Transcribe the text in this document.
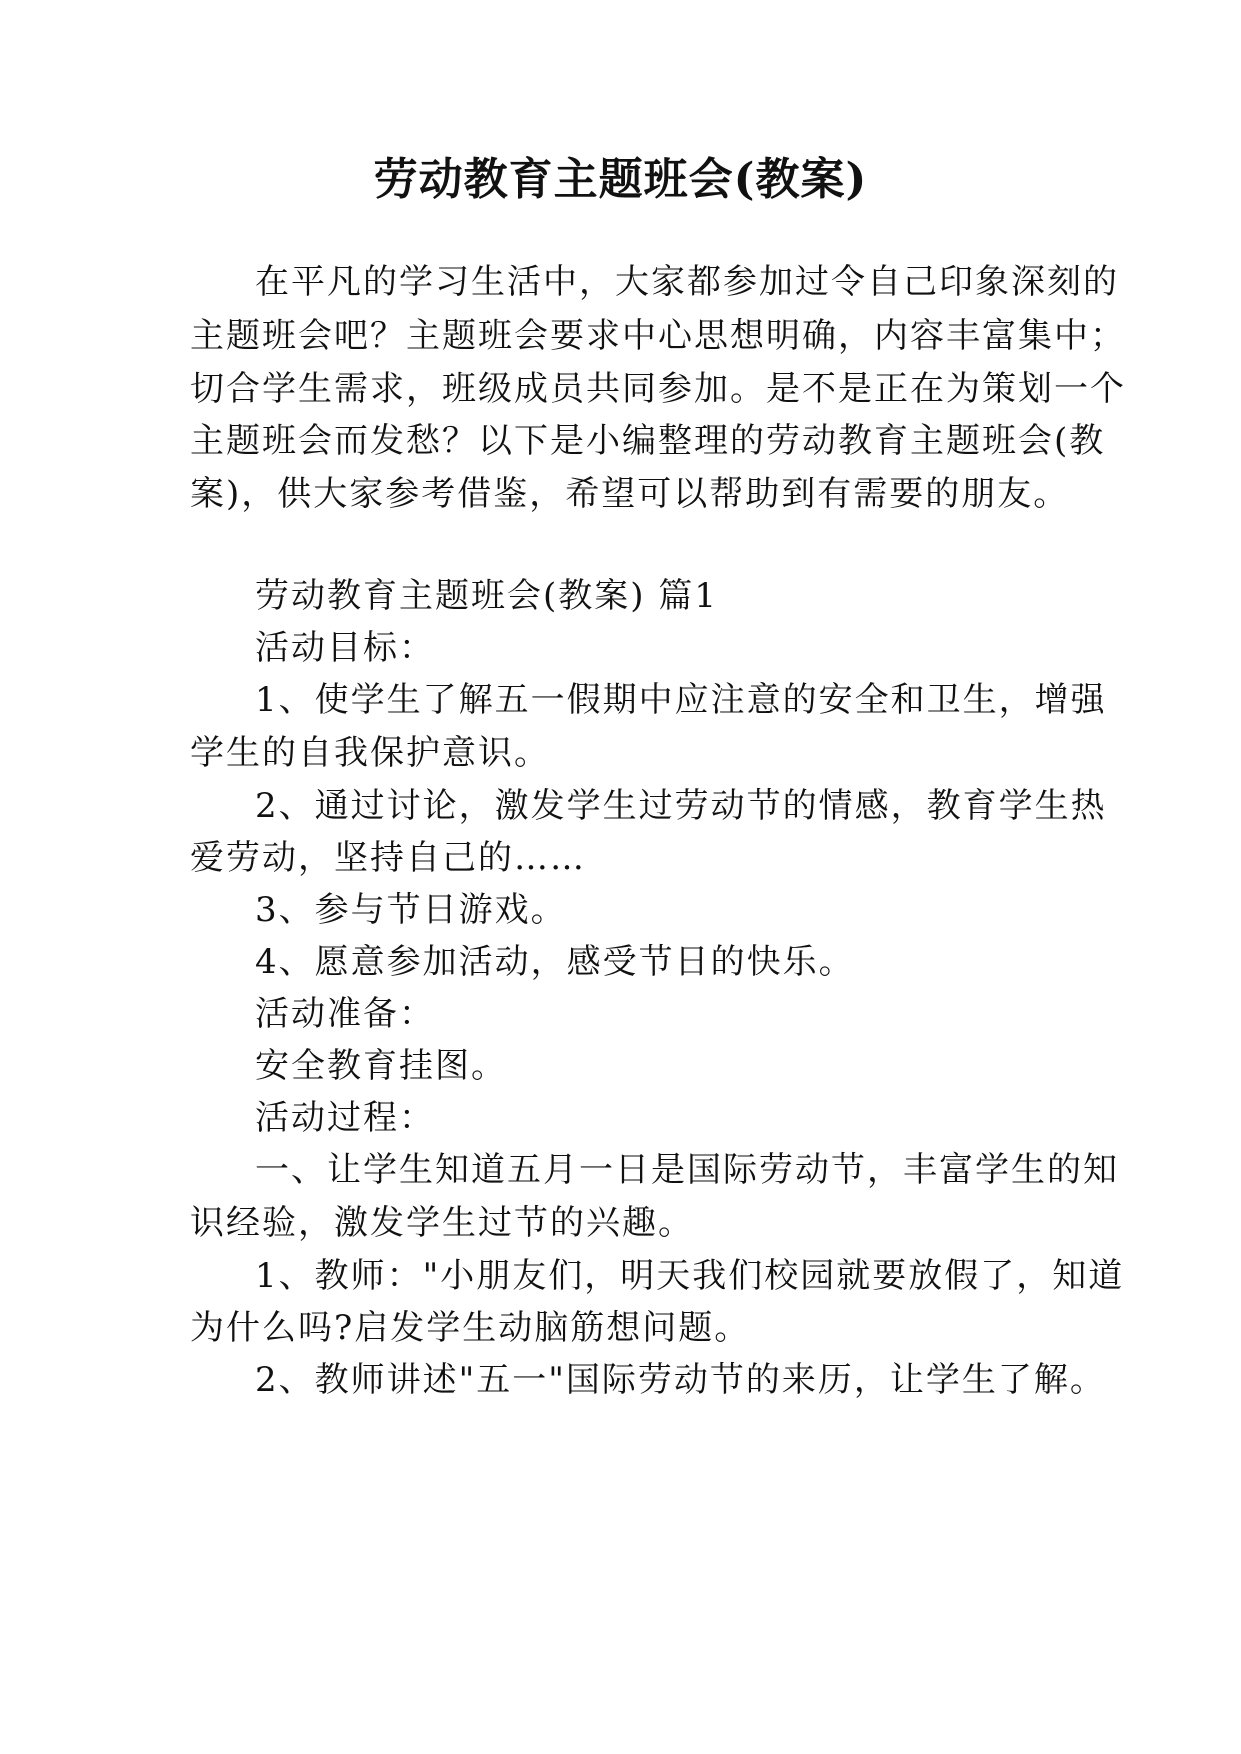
劳动教育主题班会(教案)
在平凡的学习生活中，大家都参加过令自己印象深刻的
主题班会吧？主题班会要求中心思想明确，内容丰富集中；
切合学生需求，班级成员共同参加。是不是正在为策划一个
主题班会而发愁？以下是小编整理的劳动教育主题班会(教
案)，供大家参考借鉴，希望可以帮助到有需要的朋友。
劳动教育主题班会(教案) 篇1
活动目标：
1、使学生了解五一假期中应注意的安全和卫生，增强
学生的自我保护意识。
2、通过讨论，激发学生过劳动节的情感，教育学生热
爱劳动，坚持自己的……
3、参与节日游戏。
4、愿意参加活动，感受节日的快乐。
活动准备：
安全教育挂图。
活动过程：
一、让学生知道五月一日是国际劳动节，丰富学生的知
识经验，激发学生过节的兴趣。
1、教师："小朋友们，明天我们校园就要放假了，知道
为什么吗?启发学生动脑筋想问题。
2、教师讲述"五一"国际劳动节的来历，让学生了解。
